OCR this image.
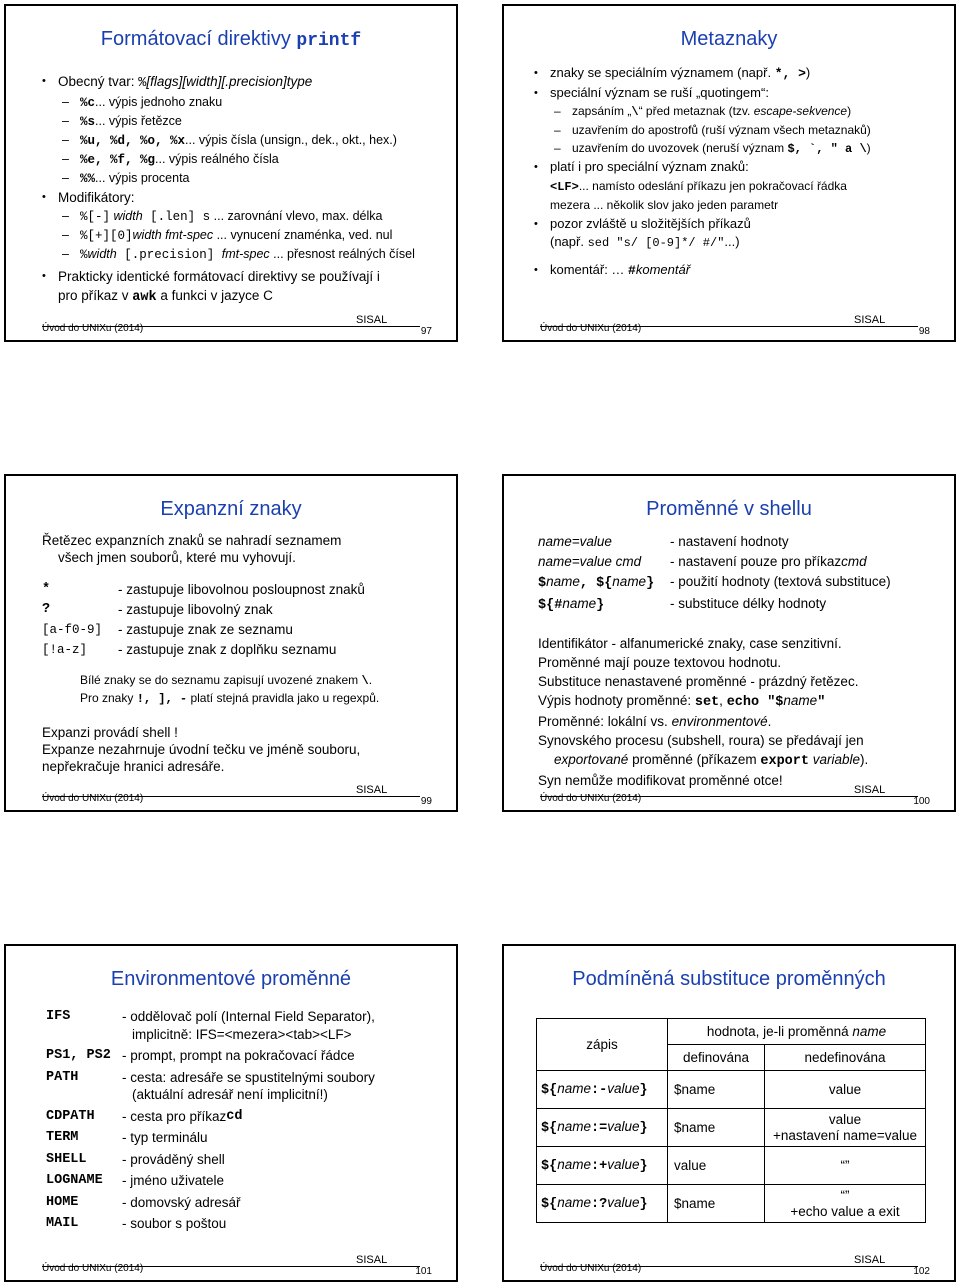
Formátovací direktivy printf
• Obecný tvar: %[flags][width][.precision]type
– %c... výpis jednoho znaku
– %s... výpis řetězce
– %u, %d, %o, %x... výpis čísla (unsign., dek., okt., hex.)
– %e, %f, %g... výpis reálného čísla
– %%... výpis procenta
• Modifikátory:
– %[-] width [.len] s ... zarovnání vlevo, max. délka
– %[+][0]width fmt-spec ... vynucení znaménka, ved. nul
– %width [.precision] fmt-spec ... přesnost reálných čísel
• Prakticky identické formátovací direktivy se používají i
pro příkaz v awk a funkci v jazyce C
SISAL
Úvod do UNIXu (2014)	97
Metaznaky
• znaky se speciálním významem (např. *, >)
• speciální význam se ruší „quotingem“:
– zapsáním „\“ před metaznak (tzv. escape-sekvence)
– uzavřením do apostrofů (ruší význam všech metaznaků)
– uzavřením do uvozovek (neruší význam $, `, " a \)
• platí i pro speciální význam znaků:
<LF>... namísto odeslání příkazu jen pokračovací řádka
mezera ... několik slov jako jeden parametr
• pozor zvláště u složitějších příkazů
(např. sed "s/ [0-9]*/ #/"...)
• komentář: … #komentář
SISAL
Úvod do UNIXu (2014)	98
Expanzní znaky
Řetězec expanzních znaků se nahradí seznamem
všech jmen souborů, které mu vyhovují.
*	- zastupuje libovolnou posloupnost znaků
?	- zastupuje libovolný znak
[a-f0-9]	- zastupuje znak ze seznamu
[!a-z]	- zastupuje znak z doplňku seznamu
Bílé znaky se do seznamu zapisují uvozené znakem \.
Pro znaky !, ], - platí stejná pravidla jako u regexpů.
Expanzi provádí shell !
Expanze nezahrnuje úvodní tečku ve jméně souboru,
nepřekračuje hranici adresáře.
SISAL
Úvod do UNIXu (2014)	99
Proměnné v shellu
name=value	- nastavení hodnoty
name=value cmd	- nastavení pouze pro příkaz cmd
$name, ${name}	- použití hodnoty (textová substituce)
${#name}	- substituce délky hodnoty
Identifikátor - alfanumerické znaky, case senzitivní.
Proměnné mají pouze textovou hodnotu.
Substituce nenastavené proměnné - prázdný řetězec.
Výpis hodnoty proměnné: set, echo "$name"
Proměnné: lokální vs. environmentové.
Synovského procesu (subshell, roura) se předávají jen
exportované proměnné (příkazem export variable).
Syn nemůže modifikovat proměnné otce!
SISAL
Úvod do UNIXu (2014)	100
Environmentové proměnné
IFS	- oddělovač polí (Internal Field Separator),
implicitně: IFS=<mezera><tab><LF>
PS1, PS2 - prompt, prompt na pokračovací řádce
PATH	- cesta: adresáře se spustitelnými soubory
(aktuální adresář není implicitní!)
CDPATH	- cesta pro příkaz cd
TERM	- typ terminálu
SHELL	- prováděný shell
LOGNAME	- jméno uživatele
HOME	- domovský adresář
MAIL	- soubor s poštou
SISAL
Úvod do UNIXu (2014)	101
Podmíněná substituce proměnných
zápis	hodnota, je-li proměnná name	
	definována	nedefinována
${name:-value}	$name	value
${name:=value}	$name	value
+nastavení name=value

${name:+value}	value	“”
${name:?value}	$name	“”
+echo value a exit
SISAL
Úvod do UNIXu (2014)	102
